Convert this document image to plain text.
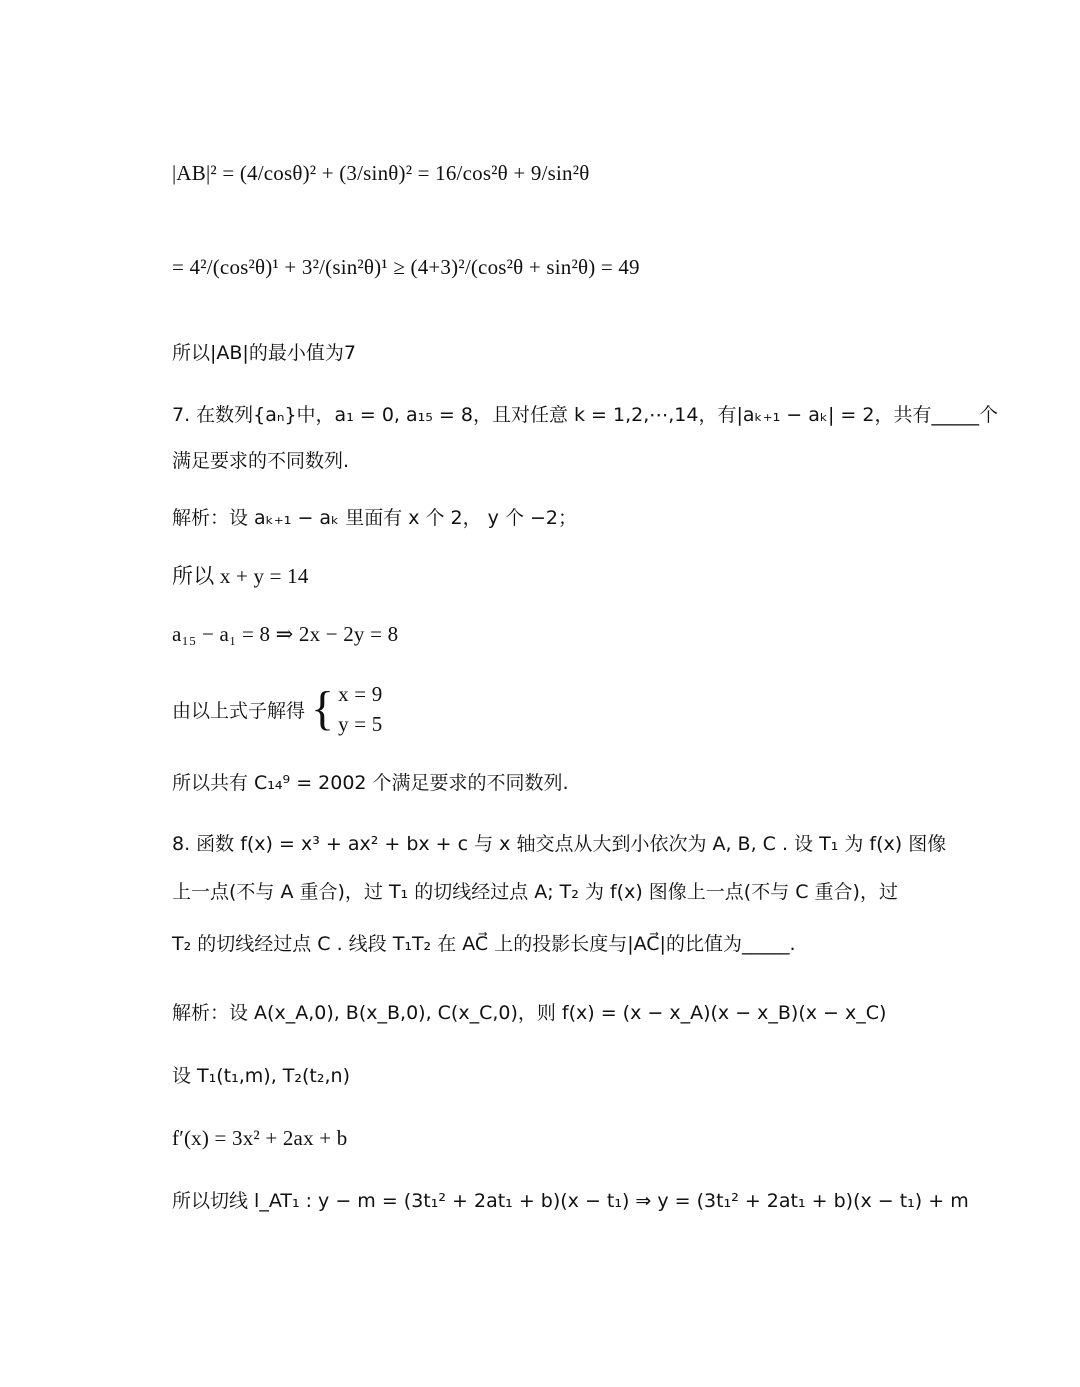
|AB|² = (4/cosθ)² + (3/sinθ)² = 16/cos²θ + 9/sin²θ
= 4²/(cos²θ)¹ + 3²/(sin²θ)¹ ≥ (4+3)²/(cos²θ + sin²θ) = 49
所以|AB|的最小值为7
7. 在数列{aₙ}中，a₁ = 0, a₁₅ = 8，且对任意 k = 1,2,⋯,14，有|aₖ₊₁ − aₖ| = 2，共有_____个
满足要求的不同数列.
解析：设 aₖ₊₁ − aₖ 里面有 x 个 2， y 个 −2；
所以 x + y = 14
a₁₅ − a₁ = 8 ⇒ 2x − 2y = 8
由以上式子解得 { x = 9
y = 5
所以共有 C₁₄⁹ = 2002 个满足要求的不同数列.
8. 函数 f(x) = x³ + ax² + bx + c 与 x 轴交点从大到小依次为 A, B, C . 设 T₁ 为 f(x) 图像
上一点(不与 A 重合)，过 T₁ 的切线经过点 A; T₂ 为 f(x) 图像上一点(不与 C 重合)，过
T₂ 的切线经过点 C . 线段 T₁T₂ 在 AC⃗ 上的投影长度与|AC⃗|的比值为_____.
解析：设 A(x_A,0), B(x_B,0), C(x_C,0)，则 f(x) = (x − x_A)(x − x_B)(x − x_C)
设 T₁(t₁,m), T₂(t₂,n)
f′(x) = 3x² + 2ax + b
所以切线 l_AT₁ : y − m = (3t₁² + 2at₁ + b)(x − t₁) ⇒ y = (3t₁² + 2at₁ + b)(x − t₁) + m
